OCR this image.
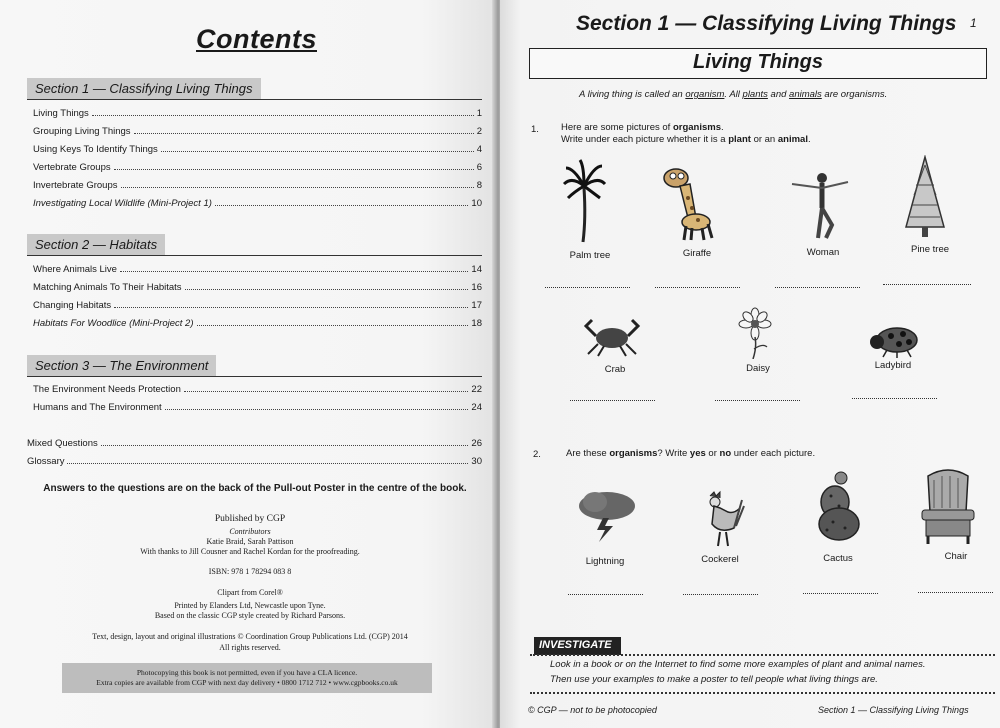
Contents
Section 1 — Classifying Living Things
Living Things	1
Grouping Living Things	2
Using Keys To Identify Things	4
Vertebrate Groups	6
Invertebrate Groups	8
Investigating Local Wildlife (Mini-Project 1)	10
Section 2 — Habitats
Where Animals Live	14
Matching Animals To Their Habitats	16
Changing Habitats	17
Habitats For Woodlice (Mini-Project 2)	18
Section 3 — The Environment
The Environment Needs Protection	22
Humans and The Environment	24
Mixed Questions	26
Glossary	30
Answers to the questions are on the back of the Pull-out Poster in the centre of the book.
Published by CGP
Contributors
Katie Braid, Sarah Pattison
With thanks to Jill Cousner and Rachel Kordan for the proofreading.
ISBN: 978 1 78294 083 8
Clipart from Corel®
Printed by Elanders Ltd, Newcastle upon Tyne.
Based on the classic CGP style created by Richard Parsons.
Text, design, layout and original illustrations © Coordination Group Publications Ltd. (CGP) 2014
All rights reserved.
Photocopying this book is not permitted, even if you have a CLA licence.
Extra copies are available from CGP with next day delivery • 0800 1712 712 • www.cgpbooks.co.uk
Section 1 — Classifying Living Things 1
Living Things
A living thing is called an organism. All plants and animals are organisms.
1. Here are some pictures of organisms.
Write under each picture whether it is a plant or an animal.
Palm tree	Giraffe	Woman	Pine tree
Crab	Daisy	Ladybird
2.	Are these organisms? Write yes or no under each picture.
Lightning	Cockerel	Cactus	Chair
INVESTIGATE
Look in a book or on the Internet to find some more examples of plant and animal names.
Then use your examples to make a poster to tell people what living things are.
© CGP — not to be photocopied	Section 1 — Classifying Living Things
